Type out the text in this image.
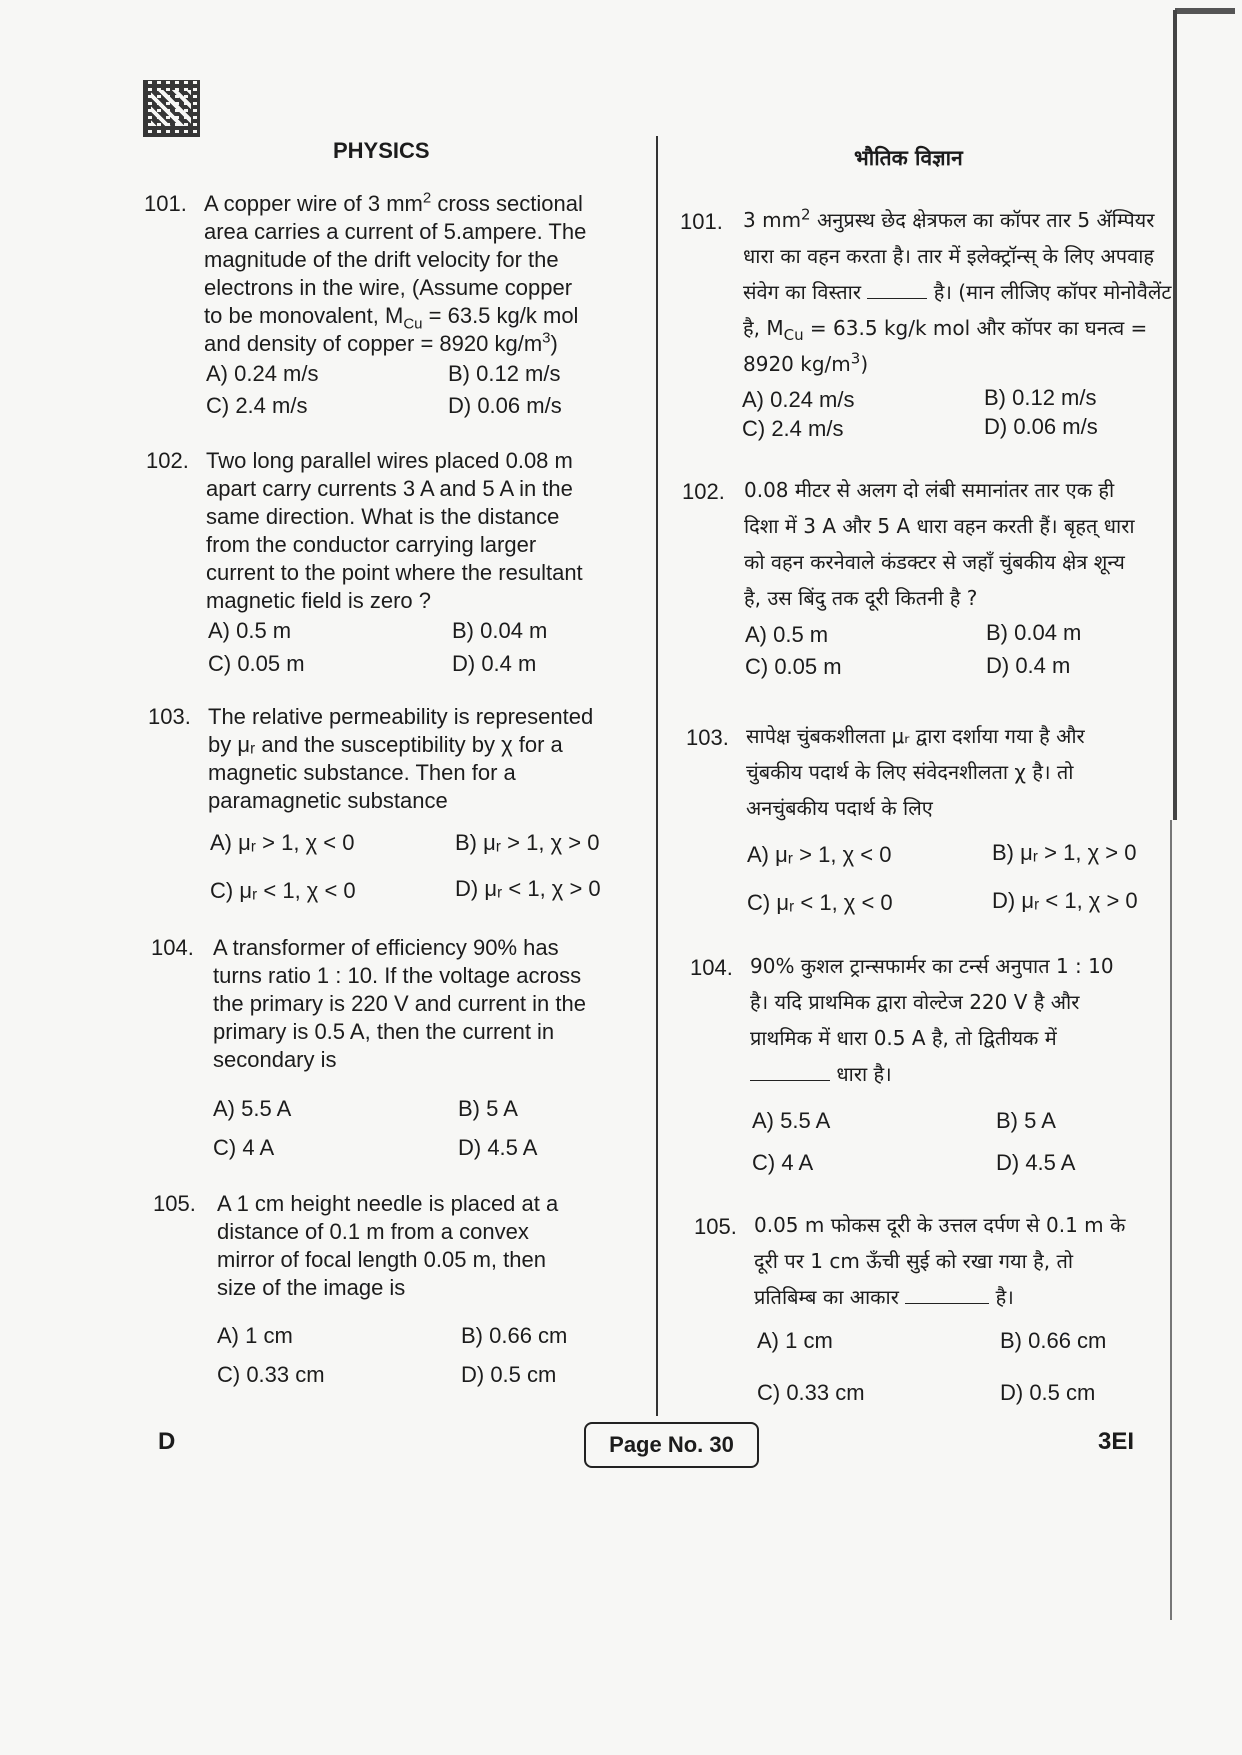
PHYSICS	भौतिक विज्ञान
101. A copper wire of 3 $mm^2$ cross sectional
area carries a current of 5.ampere. The
magnitude of the drift velocity for the
electrons in the wire, (Assume copper
to be monovalent, $M_{Cu} = 63.5$ kg/k mol
and density of copper = 8920 $kg/m^3$)
A) 0.24 m/s	B) 0.12 m/s
C) 2.4 m/s	D) 0.06 m/s
102. Two long parallel wires placed 0.08 m
apart carry currents 3 A and 5 A in the
same direction. What is the distance
from the conductor carrying larger
current to the point where the resultant
magnetic field is zero ?
A) 0.5 m	B) 0.04 m
C) 0.05 m	D) 0.4 m
103. The relative permeability is represented
by μᵣ and the susceptibility by χ for a
magnetic substance. Then for a
paramagnetic substance
A) μᵣ > 1, χ < 0	B) μᵣ > 1, χ > 0
C) μᵣ < 1, χ < 0	D) μᵣ < 1, χ > 0
104. A transformer of efficiency 90% has
turns ratio 1 : 10. If the voltage across
the primary is 220 V and current in the
primary is 0.5 A, then the current in
secondary is
A) 5.5 A	B) 5 A
C) 4 A	D) 4.5 A
105. A 1 cm height needle is placed at a
distance of 0.1 m from a convex
mirror of focal length 0.05 m, then
size of the image is
A) 1 cm	B) 0.66 cm
C) 0.33 cm	D) 0.5 cm
101.	3 $mm^2$ अनुप्रस्थ छेद क्षेत्रफल का कॉपर तार 5 ॲम्पियर
धारा का वहन करता है। तार में इलेक्ट्रॉन्स् के लिए अपवाह
संवेग का विस्तार	है। (मान लीजिए कॉपर मोनोवैलेंट
है, $M_{Cu} = 63.5$ kg/k mol और कॉपर का घनत्व =
8920 $kg/m^3$)
A) 0.24 m/s	B) 0.12 m/s
C) 2.4 m/s	D) 0.06 m/s
102. 0.08 मीटर से अलग दो लंबी समानांतर तार एक ही
दिशा में 3 A और 5 A धारा वहन करती हैं। बृहत् धारा
को वहन करनेवाले कंडक्टर से जहाँ चुंबकीय क्षेत्र शून्य
है, उस बिंदु तक दूरी कितनी है ?
A) 0.5 m	B) 0.04 m
C) 0.05 m	D) 0.4 m
103. सापेक्ष चुंबकशीलता μᵣ द्वारा दर्शाया गया है और
चुंबकीय पदार्थ के लिए संवेदनशीलता χ है। तो
अनचुंबकीय पदार्थ के लिए
A) μᵣ > 1, χ < 0	B) μᵣ > 1, χ > 0
C) μᵣ < 1, χ < 0	D) μᵣ < 1, χ > 0
104. 90% कुशल ट्रान्सफार्मर का टर्न्स अनुपात 1 : 10
है। यदि प्राथमिक द्वारा वोल्टेज 220 V है और
प्राथमिक में धारा 0.5 A है, तो द्वितीयक में
धारा है।
A) 5.5 A	B) 5 A
C) 4 A	D) 4.5 A
105. 0.05 m फोकस दूरी के उत्तल दर्पण से 0.1 m के
दूरी पर 1 cm ऊँची सुई को रखा गया है, तो
प्रतिबिम्ब का आकार	है।
A) 1 cm	B) 0.66 cm
C) 0.33 cm	D) 0.5 cm
D	Page No. 30	3EI
